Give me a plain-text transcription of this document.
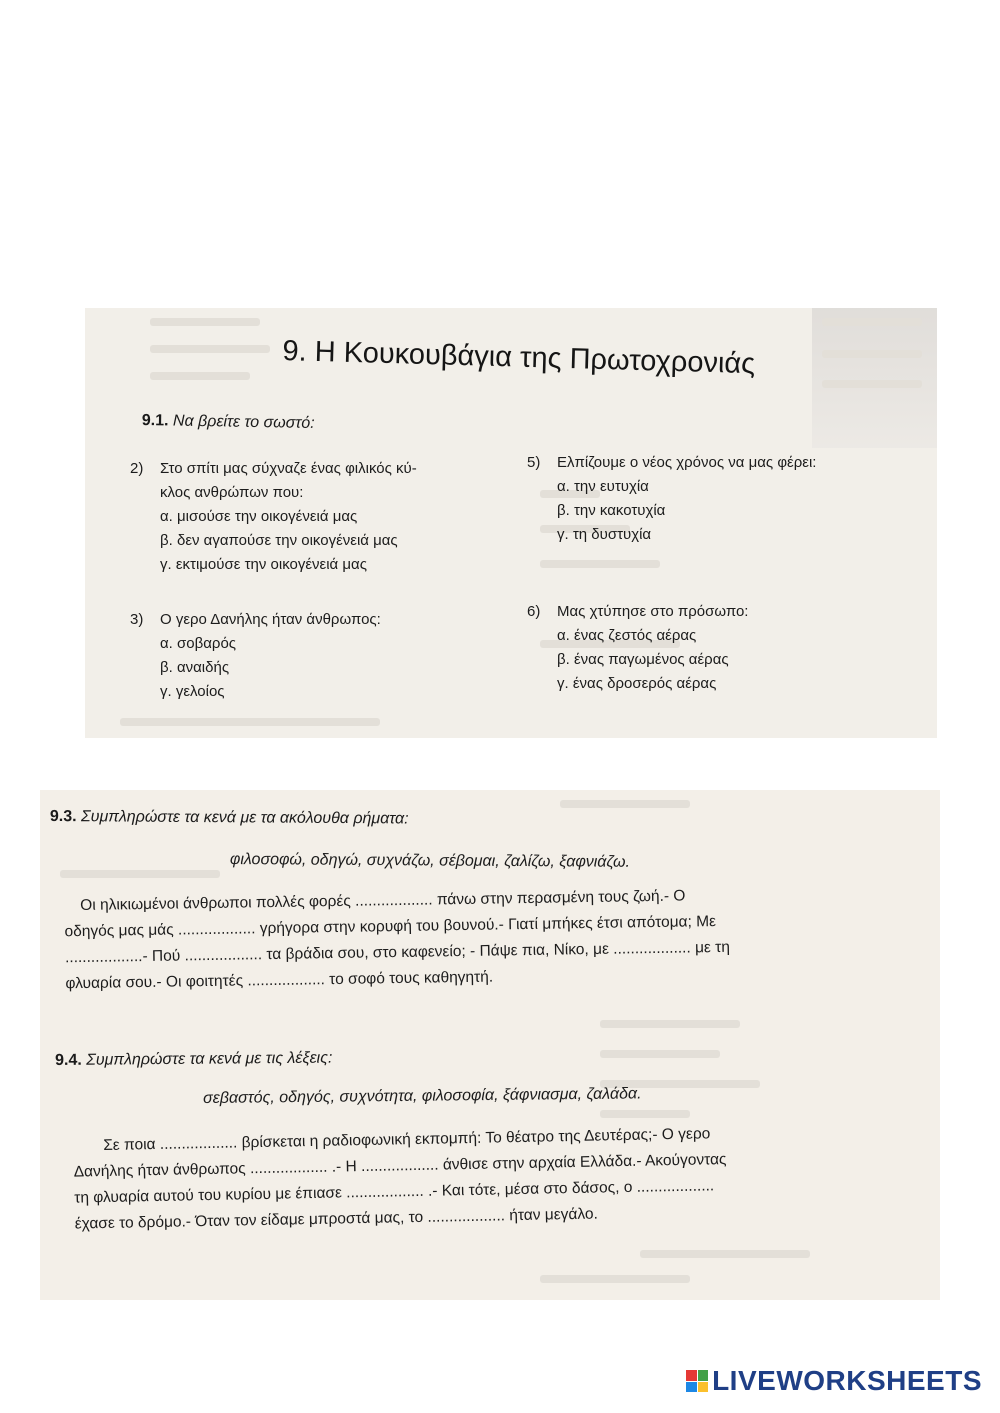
9. Η Κουκουβάγια της Πρωτοχρονιάς
9.1. Να βρείτε το σωστό:
2)	Στο σπίτι μας σύχναζε ένας φιλικός κύ-
κλος ανθρώπων που:
α. μισούσε την οικογένειά μας
β. δεν αγαπούσε την οικογένειά μας
γ. εκτιμούσε την οικογένειά μας
3)	Ο γερο Δανήλης ήταν άνθρωπος:
α. σοβαρός
β. αναιδής
γ. γελοίος
5)	Ελπίζουμε ο νέος χρόνος να μας φέρει:
α. την ευτυχία
β. την κακοτυχία
γ. τη δυστυχία
6)	Μας χτύπησε στο πρόσωπο:
α. ένας ζεστός αέρας
β. ένας παγωμένος αέρας
γ. ένας δροσερός αέρας
9.3. Συμπληρώστε τα κενά με τα ακόλουθα ρήματα:
φιλοσοφώ, οδηγώ, συχνάζω, σέβομαι, ζαλίζω, ξαφνιάζω.
Οι ηλικιωμένοι άνθρωποι πολλές φορές .................. πάνω στην περασμένη τους ζωή.- Ο
οδηγός μας μάς .................. γρήγορα στην κορυφή του βουνού.- Γιατί μπήκες έτσι απότομα; Με
..................- Πού .................. τα βράδια σου, στο καφενείο; - Πάψε πια, Νίκο, με .................. με τη
φλυαρία σου.- Οι φοιτητές .................. το σοφό τους καθηγητή.
9.4. Συμπληρώστε τα κενά με τις λέξεις:
σεβαστός, οδηγός, συχνότητα, φιλοσοφία, ξάφνιασμα, ζαλάδα.
Σε ποια .................. βρίσκεται η ραδιοφωνική εκπομπή: Το θέατρο της Δευτέρας;- Ο γερο
Δανήλης ήταν άνθρωπος .................. .- Η .................. άνθισε στην αρχαία Ελλάδα.- Ακούγοντας
τη φλυαρία αυτού του κυρίου με έπιασε .................. .- Και τότε, μέσα στο δάσος, ο ..................
έχασε το δρόμο.- Όταν τον είδαμε μπροστά μας, το .................. ήταν μεγάλο.
LIVEWORKSHEETS
